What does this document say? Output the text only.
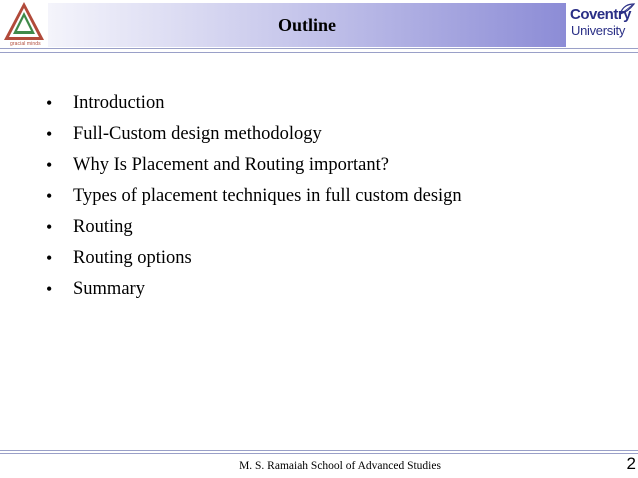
gracial minds
Outline
Coventry
University
•	Introduction
•	Full-Custom design methodology
•	Why Is Placement and Routing important?
•	Types of placement techniques in full custom design
•	Routing
•	Routing options
•	Summary
M. S. Ramaiah School of Advanced Studies	2
